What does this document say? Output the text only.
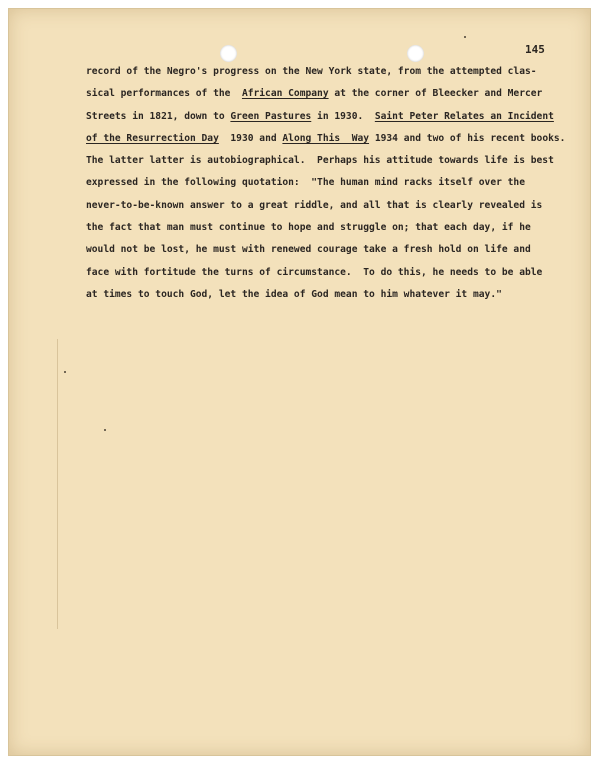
145
record of the Negro's progress on the New York state, from the attempted clas-
sical performances of the  African Company at the corner of Bleecker and Mercer
Streets in 1821, down to Green Pastures in 1930.  Saint Peter Relates an Incident
of the Resurrection Day  1930 and Along This  Way 1934 and two of his recent books.
The latter latter is autobiographical.  Perhaps his attitude towards life is best
expressed in the following quotation:  "The human mind racks itself over the
never-to-be-known answer to a great riddle, and all that is clearly revealed is
the fact that man must continue to hope and struggle on; that each day, if he
would not be lost, he must with renewed courage take a fresh hold on life and
face with fortitude the turns of circumstance.  To do this, he needs to be able
at times to touch God, let the idea of God mean to him whatever it may."
